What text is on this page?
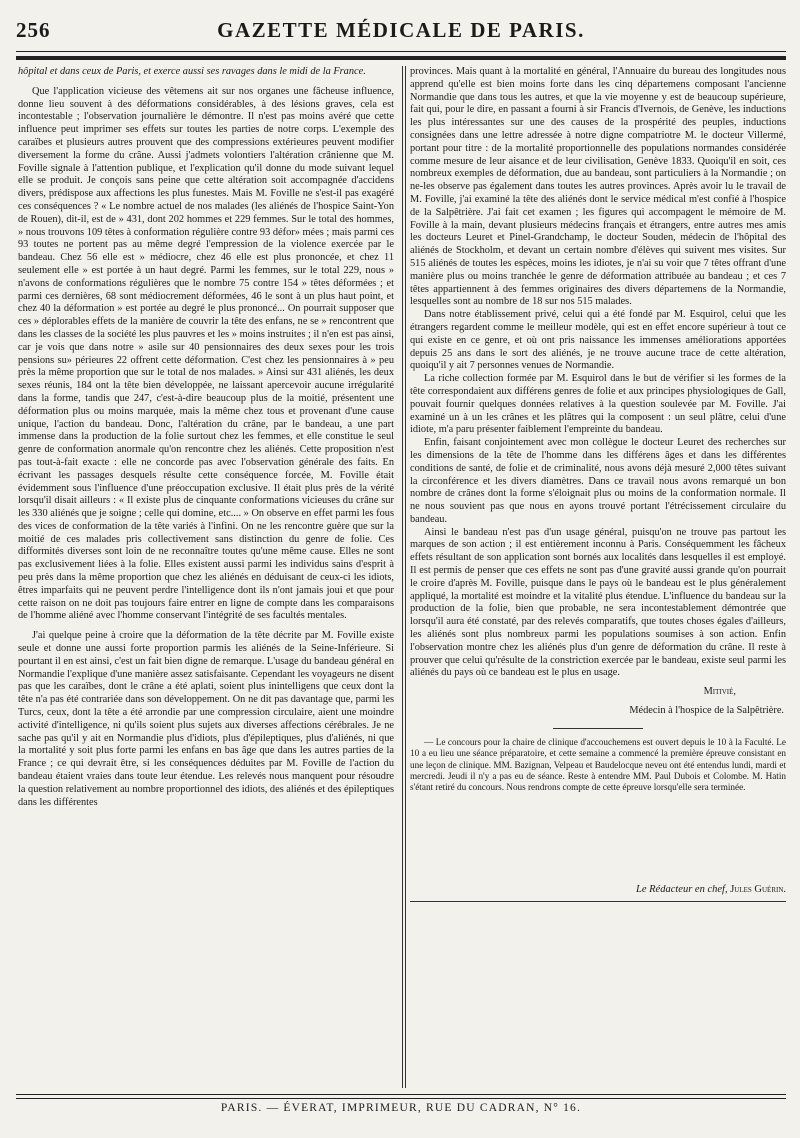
256	GAZETTE MÉDICALE DE PARIS.

hôpital et dans ceux de Paris, et exerce aussi ses ravages dans le midi de la France.

Que l'application vicieuse des vêtemens ait sur nos organes une fâcheuse influence, donne lieu souvent à des déformations considérables, à des lésions graves, cela est incontestable ; l'observation journalière le démontre. Il n'est pas moins avéré que cette influence peut imprimer ses effets sur toutes les parties de notre corps. L'exemple des caraïbes et plusieurs autres prouvent que des compressions extérieures peuvent modifier diversement la forme du crâne. Aussi j'admets volontiers l'altération crânienne que M. Foville signale à l'attention publique, et l'explication qu'il donne du mode suivant lequel elle se produit. Je conçois sans peine que cette altération soit accompagnée d'accidens divers, prédispose aux affections les plus funestes. Mais M. Foville ne s'est-il pas exagéré ces conséquences ? « Le nombre actuel de nos malades (les aliénés de l'hospice Saint-Yon de Rouen), dit-il, est de » 431, dont 202 hommes et 229 femmes. Sur le total des hommes, » nous trouvons 109 têtes à conformation régulière contre 93 défor» mées ; mais parmi ces 93 toutes ne portent pas au même degré l'empression de la violence exercée par le bandeau. Chez 56 elle est » médiocre, chez 46 elle est plus prononcée, et chez 11 seulement elle » est portée à un haut degré. Parmi les femmes, sur le total 229, nous » n'avons de conformations régulières que le nombre 75 contre 154 » têtes déformées ; et parmi ces dernières, 68 sont médiocrement déformées, 46 le sont à un plus haut point, et chez 40 la déformation » est portée au degré le plus prononcé... On pourrait supposer que ces » déplorables effets de la manière de couvrir la tête des enfans, ne se » rencontrent que dans les classes de la société les plus pauvres et les » moins instruites ; il n'en est pas ainsi, car je vois que dans notre » asile sur 40 pensionnaires des deux sexes pour les trois pensions su» périeures 22 offrent cette déformation. C'est chez les pensionnaires à » peu près la même proportion que sur le total de nos malades. » Ainsi sur 431 aliénés, les deux sexes réunis, 184 ont la tête bien développée, ne laissant apercevoir aucune irrégularité dans la forme, tandis que 247, c'est-à-dire beaucoup plus de la moitié, présentent une déformation plus ou moins marquée, mais la même chez tous et provenant d'une cause unique, l'action du bandeau. Donc, l'altération du crâne, par le bandeau, a une part immense dans la production de la folie surtout chez les femmes, et elle constitue le seul genre de conformation anormale qu'on rencontre chez les aliénés. Cette proposition n'est pas tout-à-fait exacte : elle ne concorde pas avec l'observation générale des faits. En écrivant les passages desquels résulte cette conséquence forcée, M. Foville était évidemment sous l'influence d'une préoccupation exclusive. Il était plus près de la vérité lorsqu'il disait ailleurs : « Il existe plus de cinquante conformations vicieuses du crâne sur les 330 aliénés que je soigne ; celle qui domine, etc.... » On observe en effet parmi les fous des vices de conformation de la tête variés à l'infini. On ne les rencontre guère que sur la moitié de ces malades pris collectivement sans distinction du genre de folie. Ces difformités diverses sont loin de ne reconnaître toutes qu'une même cause. Elles ne sont pas exclusivement liées à la folie. Elles existent aussi parmi les individus sains d'esprit à peu près dans la même proportion que chez les aliénés en déduisant de ceux-ci les idiots, êtres imparfaits qui ne peuvent perdre l'intelligence dont ils n'ont jamais joui et que pour cette raison on ne doit pas toujours faire entrer en ligne de compte dans les comparaisons de l'homme aliéné avec l'homme conservant l'intégrité de ses facultés mentales.

J'ai quelque peine à croire que la déformation de la tête décrite par M. Foville existe seule et donne une aussi forte proportion parmis les aliénés de la Seine-Inférieure. Si pourtant il en est ainsi, c'est un fait bien digne de remarque. L'usage du bandeau général en Normandie l'explique d'une manière assez satisfaisante. Cependant les voyageurs ne disent pas que les caraïbes, dont le crâne a été aplati, soient plus inintelligens que ceux dont la tête n'a pas été contrariée dans son développement. On ne dit pas davantage que, parmi les Turcs, ceux, dont la tête a été arrondie par une compression circulaire, aient une moindre activité d'intelligence, ni qu'ils soient plus sujets aux diverses affections cérébrales. Je ne sache pas qu'il y ait en Normandie plus d'idiots, plus d'épileptiques, plus d'aliénés, ni que la mortalité y soit plus forte parmi les enfans en bas âge que dans les autres parties de la France ; ce qui devrait être, si les conséquences déduites par M. Foville de l'action du bandeau étaient vraies dans toute leur étendue. Les relevés nous manquent pour résoudre la question relativement au nombre proportionnel des idiots, des aliénés et des épileptiques dans les différentes

provinces. Mais quant à la mortalité en général, l'Annuaire du bureau des longitudes nous apprend qu'elle est bien moins forte dans les cinq départemens composant l'ancienne Normandie que dans tous les autres, et que la vie moyenne y est de beaucoup supérieure, fait qui, pour le dire, en passant a fourni à sir Francis d'Ivernois, de Genève, les inductions les plus intéressantes sur une des causes de la prospérité des peuples, inductions consignées dans une lettre adressée à notre digne compatriotre M. le docteur Villermé, portant pour titre : de la mortalité proportionnelle des populations normandes considérée comme mesure de leur aisance et de leur civilisation, Genève 1833. Quoiqu'il en soit, ces nombreux exemples de déformation, due au bandeau, sont particuliers à la Normandie ; on ne-les observe pas également dans toutes les autres provinces. Après avoir lu le travail de M. Foville, j'ai examiné la tête des aliénés dont le service médical m'est confié à l'hospice de la Salpêtrière. J'ai fait cet examen ; les figures qui accompagent le mémoire de M. Foville à la main, devant plusieurs médecins français et étrangers, entre autres mes amis les docteurs Leuret et Pinel-Grandchamp, le docteur Souden, médecin de l'hôpital des aliénés de Stockholm, et devant un certain nombre d'élèves qui suivent mes visites. Sur 515 aliénés de toutes les espèces, moins les idiotes, je n'ai su voir que 7 têtes offrant d'une manière plus ou moins tranchée le genre de déformation attribuée au bandeau ; et ces 7 têtes appartiennent à des femmes originaires des divers départemens de la Normandie, lesquelles sont au nombre de 18 sur nos 515 malades.

Dans notre établissement privé, celui qui a été fondé par M. Esquirol, celui que les étrangers regardent comme le meilleur modèle, qui est en effet encore supérieur à tout ce qui existe en ce genre, et où ont pris naissance les immenses améliorations apportées depuis 25 ans dans le sort des aliénés, je ne trouve aucune trace de cette altération, quoiqu'il y ait 7 personnes venues de Normandie.

La riche collection formée par M. Esquirol dans le but de vérifier si les formes de la tête correspondaient aux différens genres de folie et aux principes physiologiques de Gall, pouvait fournir quelques données relatives à la question soulevée par M. Foville. J'ai examiné un à un les crânes et les plâtres qui la composent : un seul plâtre, celui d'une idiote, m'a paru présenter faiblement l'empreinte du bandeau.

Enfin, faisant conjointement avec mon collègue le docteur Leuret des recherches sur les dimensions de la tête de l'homme dans les différens âges et dans les différentes conditions de santé, de folie et de criminalité, nous avons déjà mesuré 2,000 têtes suivant la circonférence et les divers diamètres. Dans ce travail nous avons remarqué un bon nombre de crânes dont la forme s'éloignait plus ou moins de la conformation normale. Il ne nous souvient pas que nous en ayons trouvé portant l'étrécissement circulaire du bandeau.

Ainsi le bandeau n'est pas d'un usage général, puisqu'on ne trouve pas partout les marques de son action ; il est entièrement inconnu à Paris. Conséquemment les fâcheux effets résultant de son application sont bornés aux localités dans lesquelles il est employé. Il est permis de penser que ces effets ne sont pas d'une gravité aussi grande qu'on pourrait le croire d'après M. Foville, puisque dans le pays où le bandeau est le plus généralement appliqué, la mortalité est moindre et la vitalité plus étendue. L'influence du bandeau sur la production de la folie, bien que probable, ne sera incontestablement démontrée que lorsqu'il aura été constaté, par des relevés comparatifs, que toutes choses égales d'ailleurs, les aliénés sont plus nombreux parmi les populations soumises à son action. Enfin l'observation montre chez les aliénés plus d'un genre de déformation du crâne. Il reste à prouver que celui qu'résulte de la constriction exercée par le bandeau, existe seul parmi les aliénés du pays où ce bandeau est le plus en usage.

Mitivié,
Médecin à l'hospice de la Salpêtrière.
— Le concours pour la chaire de clinique d'accouchemens est ouvert depuis le 10 à la Faculté. Le 10 a eu lieu une séance préparatoire, et cette semaine a commencé la première épreuve consistant en une leçon de clinique. MM. Bazignan, Velpeau et Baudelocque neveu ont été entendus lundi, mardi et mercredi. Jeudi il n'y a pas eu de séance. Reste à entendre MM. Paul Dubois et Colombe. M. Hatin s'étant retiré du concours. Nous rendrons compte de cette épreuve lorsqu'elle sera terminée.
Le Rédacteur en chef, Jules Guérin.
PARIS. — ÉVERAT, IMPRIMEUR, RUE DU CADRAN, N° 16.
